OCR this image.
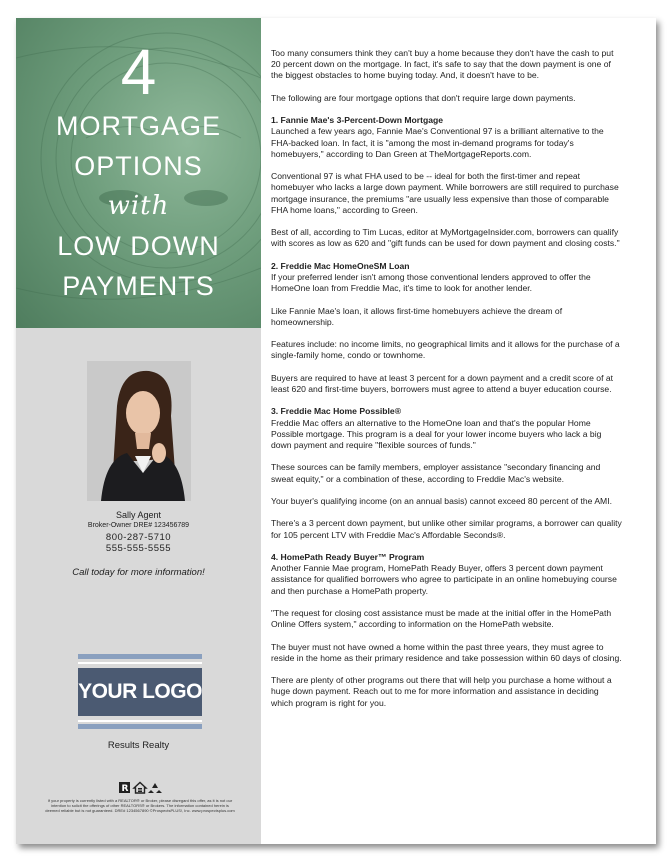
4
MORTGAGE
OPTIONS
with
LOW DOWN
PAYMENTS
Sally Agent
Broker-Owner DRE# 123456789
800-287-5710
555-555-5555
Call today for more information!
YOUR LOGO
Results Realty
R
If your property is currently listed with a REALTOR® or Broker, please disregard this offer, as it is not our intention to solicit the offerings of other REALTORS® or Brokers. The information contained herein is deemed reliable but is not guaranteed. DRE# 1234567890 ©ProspectsPLUS!, Inc. www.prospectsplus.com

Too many consumers think they can't buy a home because they don't have the cash to put 20 percent down on the mortgage. In fact, it's safe to say that the down payment is one of the biggest obstacles to home buying today. And, it doesn't have to be.

The following are four mortgage options that don't require large down payments.

1. Fannie Mae's 3-Percent-Down Mortgage

Launched a few years ago, Fannie Mae's Conventional 97 is a brilliant alternative to the FHA-backed loan. In fact, it is "among the most in-demand programs for today's homebuyers," according to Dan Green at TheMortgageReports.com.

Conventional 97 is what FHA used to be -- ideal for both the first-timer and repeat homebuyer who lacks a large down payment. While borrowers are still required to purchase mortgage insurance, the premiums "are usually less expensive than those of comparable FHA home loans," according to Green.

Best of all, according to Tim Lucas, editor at MyMortgageInsider.com, borrowers can qualify with scores as low as 620 and "gift funds can be used for down payment and closing costs."

2. Freddie Mac HomeOneSM Loan

If your preferred lender isn't among those conventional lenders approved to offer the HomeOne loan from Freddie Mac, it's time to look for another lender.

Like Fannie Mae's loan, it allows first-time homebuyers achieve the dream of homeownership.

Features include: no income limits, no geographical limits and it allows for the purchase of a single-family home, condo or townhome.

Buyers are required to have at least 3 percent for a down payment and a credit score of at least 620 and first-time buyers, borrowers must agree to attend a buyer education course.

3. Freddie Mac Home Possible®

Freddie Mac offers an alternative to the HomeOne loan and that's the popular Home Possible mortgage. This program is a deal for your lower income buyers who lack a big down payment and require "flexible sources of funds."

These sources can be family members, employer assistance "secondary financing and sweat equity," or a combination of these, according to Freddie Mac's website.

Your buyer's qualifying income (on an annual basis) cannot exceed 80 percent of the AMI.

There's a 3 percent down payment, but unlike other similar programs, a borrower can quality for 105 percent LTV with Freddie Mac's Affordable Seconds®.

4. HomePath Ready Buyer™ Program

Another Fannie Mae program, HomePath Ready Buyer, offers 3 percent down payment assistance for qualified borrowers who agree to participate in an online homebuying course and then purchase a HomePath property.

"The request for closing cost assistance must be made at the initial offer in the HomePath Online Offers system," according to information on the HomePath website.

The buyer must not have owned a home within the past three years, they must agree to reside in the home as their primary residence and take possession within 60 days of closing.

There are plenty of other programs out there that will help you purchase a home without a huge down payment. Reach out to me for more information and assistance in deciding which program is right for you.
